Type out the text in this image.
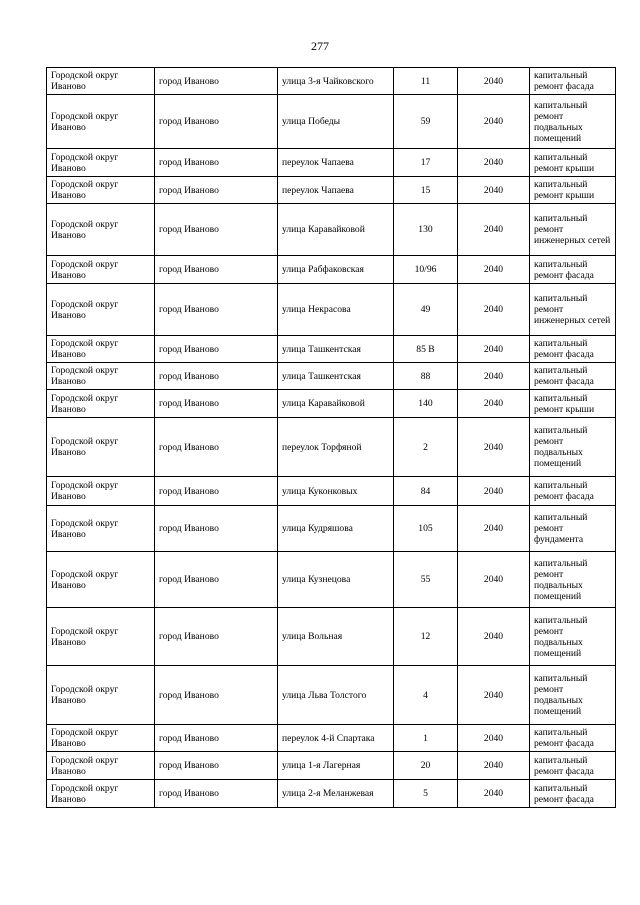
277
Городской округ Иваново	город Иваново	улица 3-я Чайковского	11	2040	капитальный ремонт фасада
Городской округ Иваново	город Иваново	улица Победы	59	2040	капитальный ремонт подвальных помещений
Городской округ Иваново	город Иваново	переулок Чапаева	17	2040	капитальный ремонт крыши
Городской округ Иваново	город Иваново	переулок Чапаева	15	2040	капитальный ремонт крыши
Городской округ Иваново	город Иваново	улица Каравайковой	130	2040	капитальный ремонт инженерных сетей
Городской округ Иваново	город Иваново	улица Рабфаковская	10/96	2040	капитальный ремонт фасада
Городской округ Иваново	город Иваново	улица Некрасова	49	2040	капитальный ремонт инженерных сетей
Городской округ Иваново	город Иваново	улица Ташкентская	85 В	2040	капитальный ремонт фасада
Городской округ Иваново	город Иваново	улица Ташкентская	88	2040	капитальный ремонт фасада
Городской округ Иваново	город Иваново	улица Каравайковой	140	2040	капитальный ремонт крыши
Городской округ Иваново	город Иваново	переулок Торфяной	2	2040	капитальный ремонт подвальных помещений
Городской округ Иваново	город Иваново	улица Куконковых	84	2040	капитальный ремонт фасада
Городской округ Иваново	город Иваново	улица Кудряшова	105	2040	капитальный ремонт фундамента
Городской округ Иваново	город Иваново	улица Кузнецова	55	2040	капитальный ремонт подвальных помещений
Городской округ Иваново	город Иваново	улица Вольная	12	2040	капитальный ремонт подвальных помещений
Городской округ Иваново	город Иваново	улица Льва Толстого	4	2040	капитальный ремонт подвальных помещений
Городской округ Иваново	город Иваново	переулок 4-й Спартака	1	2040	капитальный ремонт фасада
Городской округ Иваново	город Иваново	улица 1-я Лагерная	20	2040	капитальный ремонт фасада
Городской округ Иваново	город Иваново	улица 2-я Меланжевая	5	2040	капитальный ремонт фасада
